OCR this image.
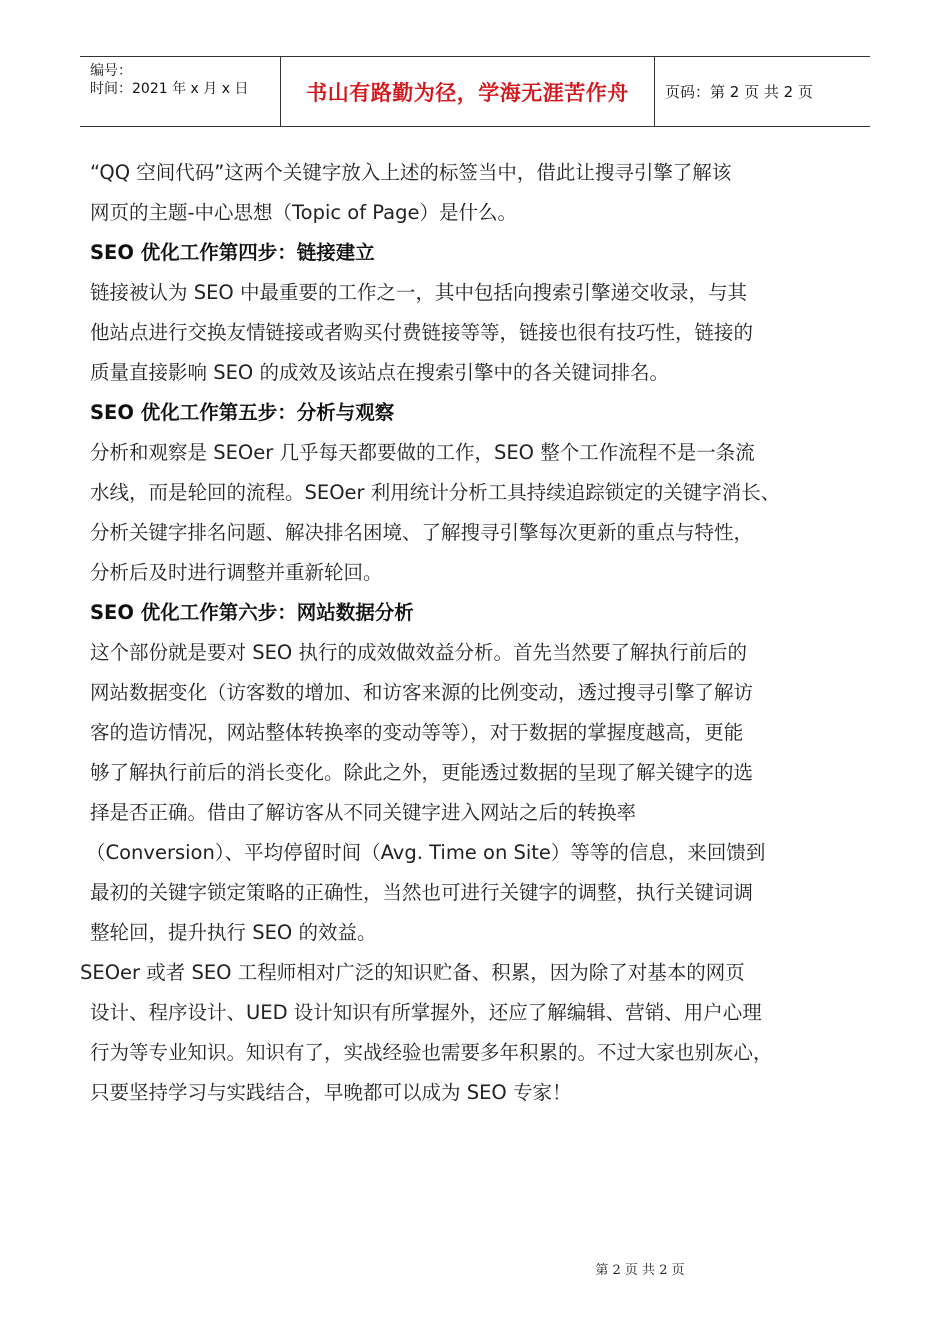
编号：
时间：2021 年 x 月 x 日	书山有路勤为径，学海无涯苦作舟 页码：第 2 页 共 2 页
“QQ 空间代码”这两个关键字放入上述的标签当中，借此让搜寻引擎了解该
网页的主题-中心思想（Topic of Page）是什么。
SEO 优化工作第四步：链接建立
链接被认为 SEO 中最重要的工作之一，其中包括向搜索引擎递交收录，与其
他站点进行交换友情链接或者购买付费链接等等，链接也很有技巧性，链接的
质量直接影响 SEO 的成效及该站点在搜索引擎中的各关键词排名。
SEO 优化工作第五步：分析与观察
分析和观察是 SEOer 几乎每天都要做的工作，SEO 整个工作流程不是一条流
水线，而是轮回的流程。SEOer 利用统计分析工具持续追踪锁定的关键字消长、
分析关键字排名问题、解决排名困境、了解搜寻引擎每次更新的重点与特性，
分析后及时进行调整并重新轮回。
SEO 优化工作第六步：网站数据分析
这个部份就是要对 SEO 执行的成效做效益分析。首先当然要了解执行前后的
网站数据变化（访客数的增加、和访客来源的比例变动，透过搜寻引擎了解访
客的造访情况，网站整体转换率的变动等等），对于数据的掌握度越高，更能
够了解执行前后的消长变化。除此之外，更能透过数据的呈现了解关键字的选
择是否正确。借由了解访客从不同关键字进入网站之后的转换率
（Conversion）、平均停留时间（Avg. Time on Site）等等的信息，来回馈到
最初的关键字锁定策略的正确性，当然也可进行关键字的调整，执行关键词调
整轮回，提升执行 SEO 的效益。
SEOer 或者 SEO 工程师相对广泛的知识贮备、积累，因为除了对基本的网页
设计、程序设计、UED 设计知识有所掌握外，还应了解编辑、营销、用户心理
行为等专业知识。知识有了，实战经验也需要多年积累的。不过大家也别灰心，
只要坚持学习与实践结合，早晚都可以成为 SEO 专家！
第 2 页 共 2 页
